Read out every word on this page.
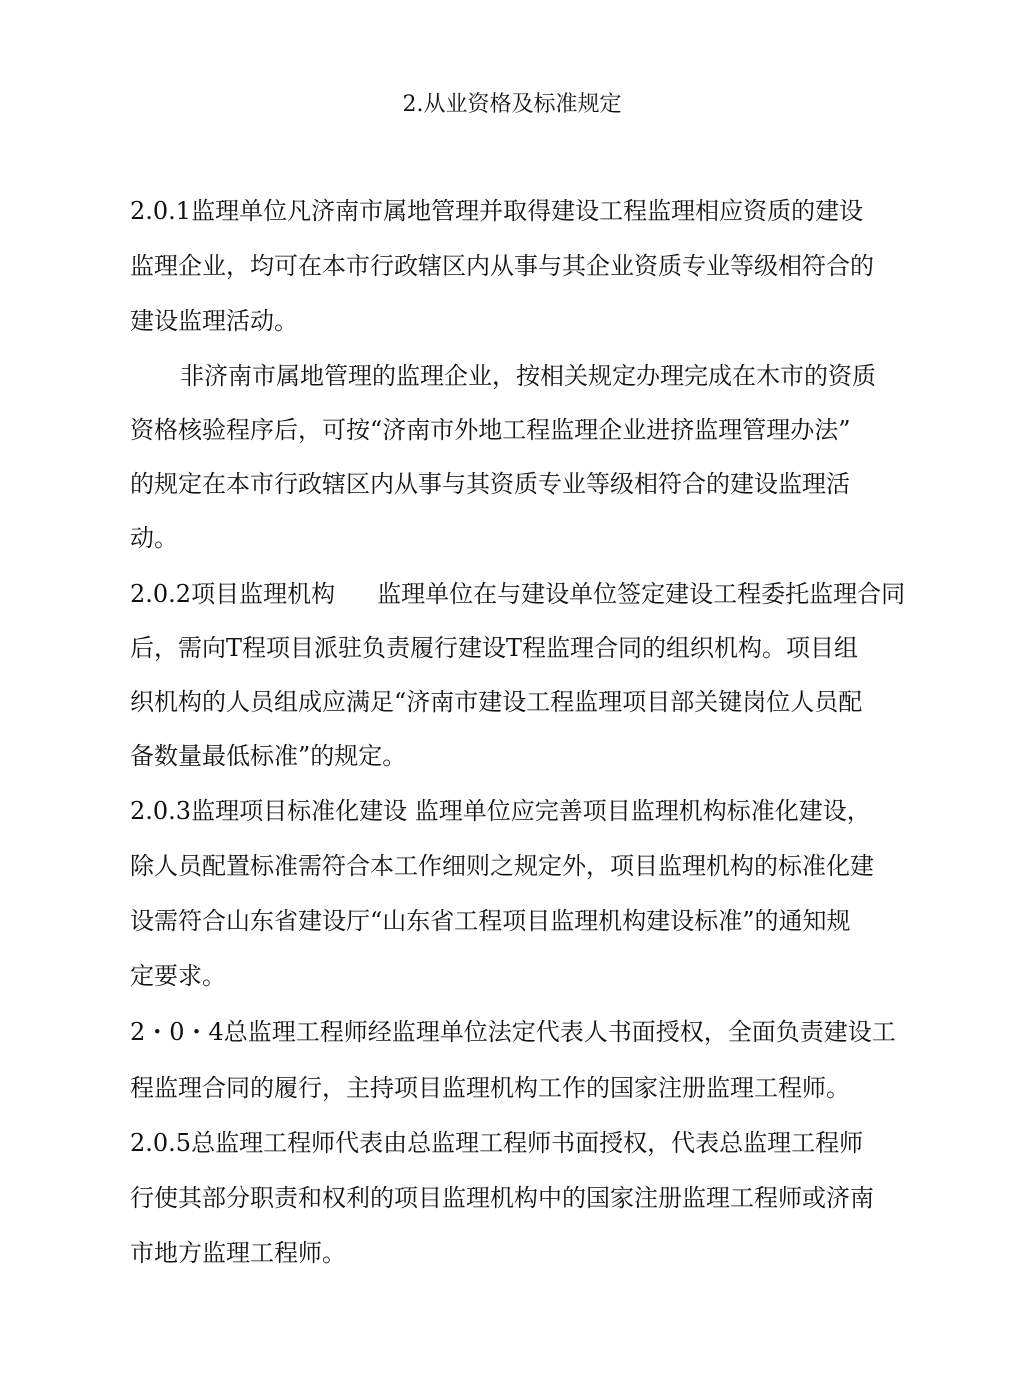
2.从业资格及标准规定
2.0.1监理单位凡济南市属地管理并取得建设工程监理相应资质的建设
监理企业，均可在本市行政辖区内从事与其企业资质专业等级相符合的
建设监理活动。
非济南市属地管理的监理企业，按相关规定办理完成在木市的资质
资格核验程序后，可按“济南市外地工程监理企业进挤监理管理办法”
的规定在本市行政辖区内从事与其资质专业等级相符合的建设监理活
动。
2.0.2项目监理机构 监理单位在与建设单位签定建设工程委托监理合同
后，需向T程项目派驻负责履行建设T程监理合同的组织机构。项目组
织机构的人员组成应满足“济南市建设工程监理项目部关键岗位人员配
备数量最低标准”的规定。
2.0.3监理项目标准化建设 监理单位应完善项目监理机构标准化建设，
除人员配置标准需符合本工作细则之规定外，项目监理机构的标准化建
设需符合山东省建设厅“山东省工程项目监理机构建设标准”的通知规
定要求。
2・0・4总监理工程师经监理单位法定代表人书面授权，全面负责建设工
程监理合同的履行，主持项目监理机构工作的国家注册监理工程师。
2.0.5总监理工程师代表由总监理工程师书面授权，代表总监理工程师
行使其部分职责和权利的项目监理机构中的国家注册监理工程师或济南
市地方监理工程师。
